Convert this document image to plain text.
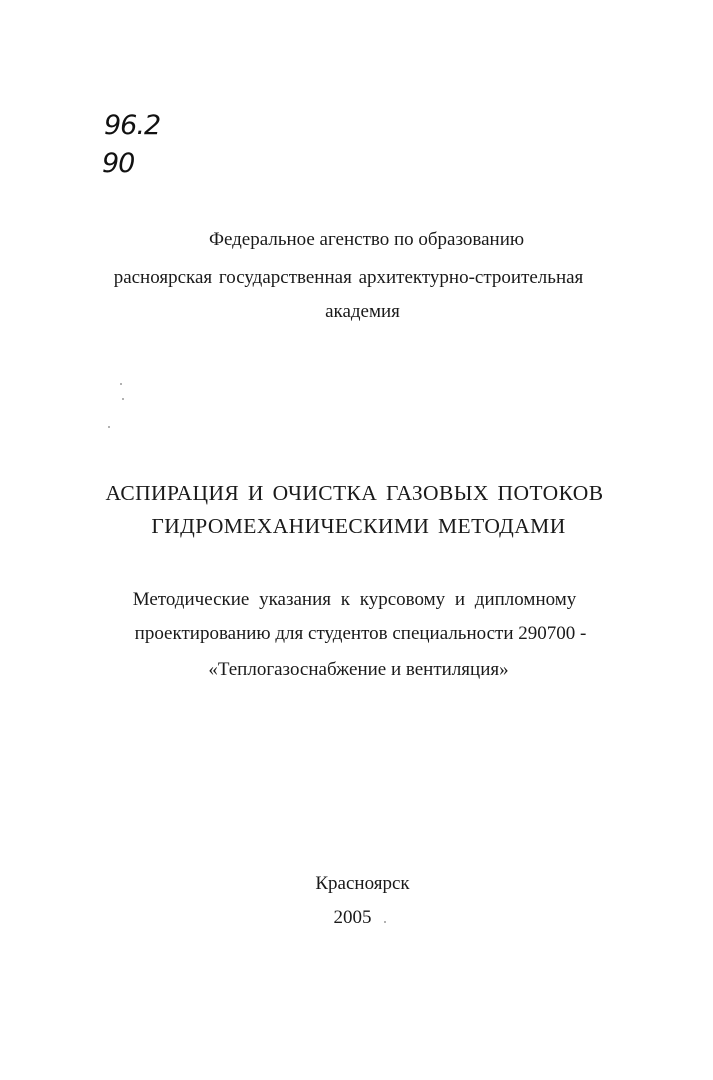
96.2
90
Федеральное агенство по образованию
расноярская государственная архитектурно-строительная
академия
АСПИРАЦИЯ И ОЧИСТКА ГАЗОВЫХ ПОТОКОВ
ГИДРОМЕХАНИЧЕСКИМИ МЕТОДАМИ
Методические указания к курсовому и дипломному
проектированию для студентов специальности 290700 -
«Теплогазоснабжение и вентиляция»
Красноярск
2005
